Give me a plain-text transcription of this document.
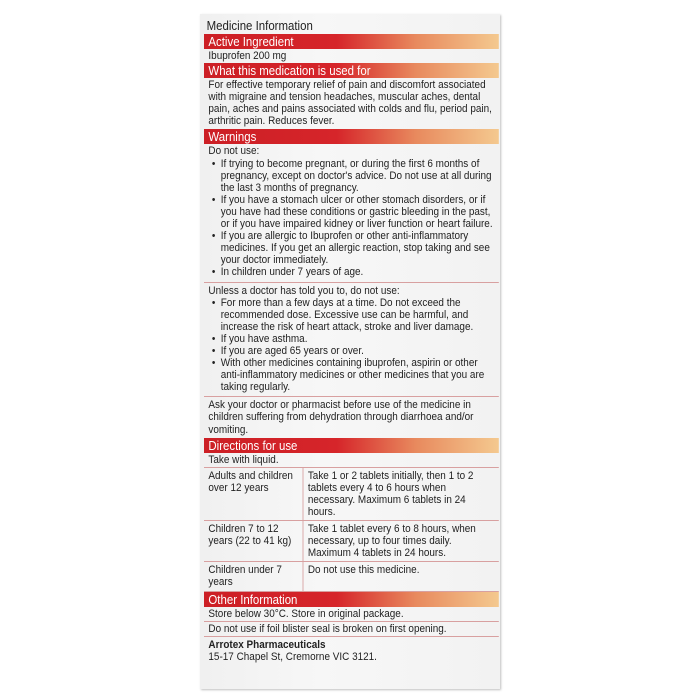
Medicine Information
Active Ingredient
Ibuprofen 200 mg
What this medication is used for
For effective temporary relief of pain and discomfort associated with migraine and tension headaches, muscular aches, dental pain, aches and pains associated with colds and flu, period pain, arthritic pain. Reduces fever.
Warnings
Do not use:
• If trying to become pregnant, or during the first 6 months of pregnancy, except on doctor's advice. Do not use at all during the last 3 months of pregnancy.
• If you have a stomach ulcer or other stomach disorders, or if you have had these conditions or gastric bleeding in the past, or if you have impaired kidney or liver function or heart failure.
• If you are allergic to Ibuprofen or other anti-inflammatory medicines. If you get an allergic reaction, stop taking and see your doctor immediately.
• In children under 7 years of age.
Unless a doctor has told you to, do not use:
• For more than a few days at a time. Do not exceed the recommended dose. Excessive use can be harmful, and increase the risk of heart attack, stroke and liver damage.
• If you have asthma.
• If you are aged 65 years or over.
• With other medicines containing ibuprofen, aspirin or other anti-inflammatory medicines or other medicines that you are taking regularly.
Ask your doctor or pharmacist before use of the medicine in children suffering from dehydration through diarrhoea and/or vomiting.
Directions for use
Take with liquid.
Adults and children over 12 years	Take 1 or 2 tablets initially, then 1 to 2 tablets every 4 to 6 hours when necessary. Maximum 6 tablets in 24 hours.
Children 7 to 12 years (22 to 41 kg)	Take 1 tablet every 6 to 8 hours, when necessary, up to four times daily. Maximum 4 tablets in 24 hours.
Children under 7 years	Do not use this medicine.
Other Information
Store below 30°C. Store in original package.
Do not use if foil blister seal is broken on first opening.
Arrotex Pharmaceuticals
15-17 Chapel St, Cremorne VIC 3121.
